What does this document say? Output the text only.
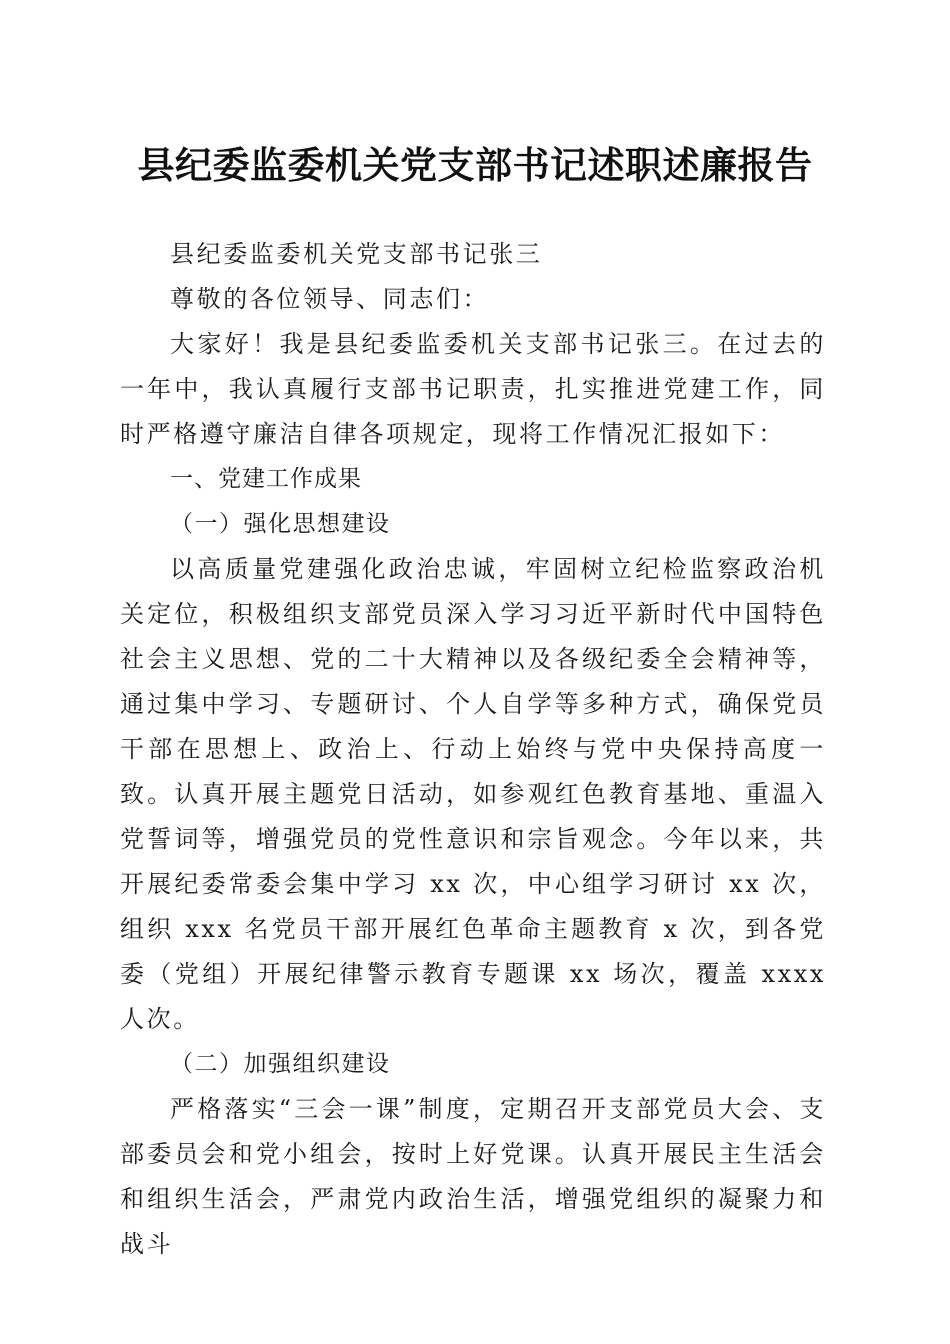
县纪委监委机关党支部书记述职述廉报告

县纪委监委机关党支部书记张三

尊敬的各位领导、同志们：

大家好！我是县纪委监委机关支部书记张三。在过去的一年中，我认真履行支部书记职责，扎实推进党建工作，同时严格遵守廉洁自律各项规定，现将工作情况汇报如下：

一、党建工作成果

（一）强化思想建设

以高质量党建强化政治忠诚，牢固树立纪检监察政治机关定位，积极组织支部党员深入学习习近平新时代中国特色社会主义思想、党的二十大精神以及各级纪委全会精神等，通过集中学习、专题研讨、个人自学等多种方式，确保党员干部在思想上、政治上、行动上始终与党中央保持高度一致。认真开展主题党日活动，如参观红色教育基地、重温入党誓词等，增强党员的党性意识和宗旨观念。今年以来，共开展纪委常委会集中学习 xx 次，中心组学习研讨 xx 次，组织 xxx 名党员干部开展红色革命主题教育 x 次，到各党委（党组）开展纪律警示教育专题课 xx 场次，覆盖 xxxx 人次。

（二）加强组织建设

严格落实“三会一课”制度，定期召开支部党员大会、支部委员会和党小组会，按时上好党课。认真开展民主生活会和组织生活会，严肃党内政治生活，增强党组织的凝聚力和战斗
